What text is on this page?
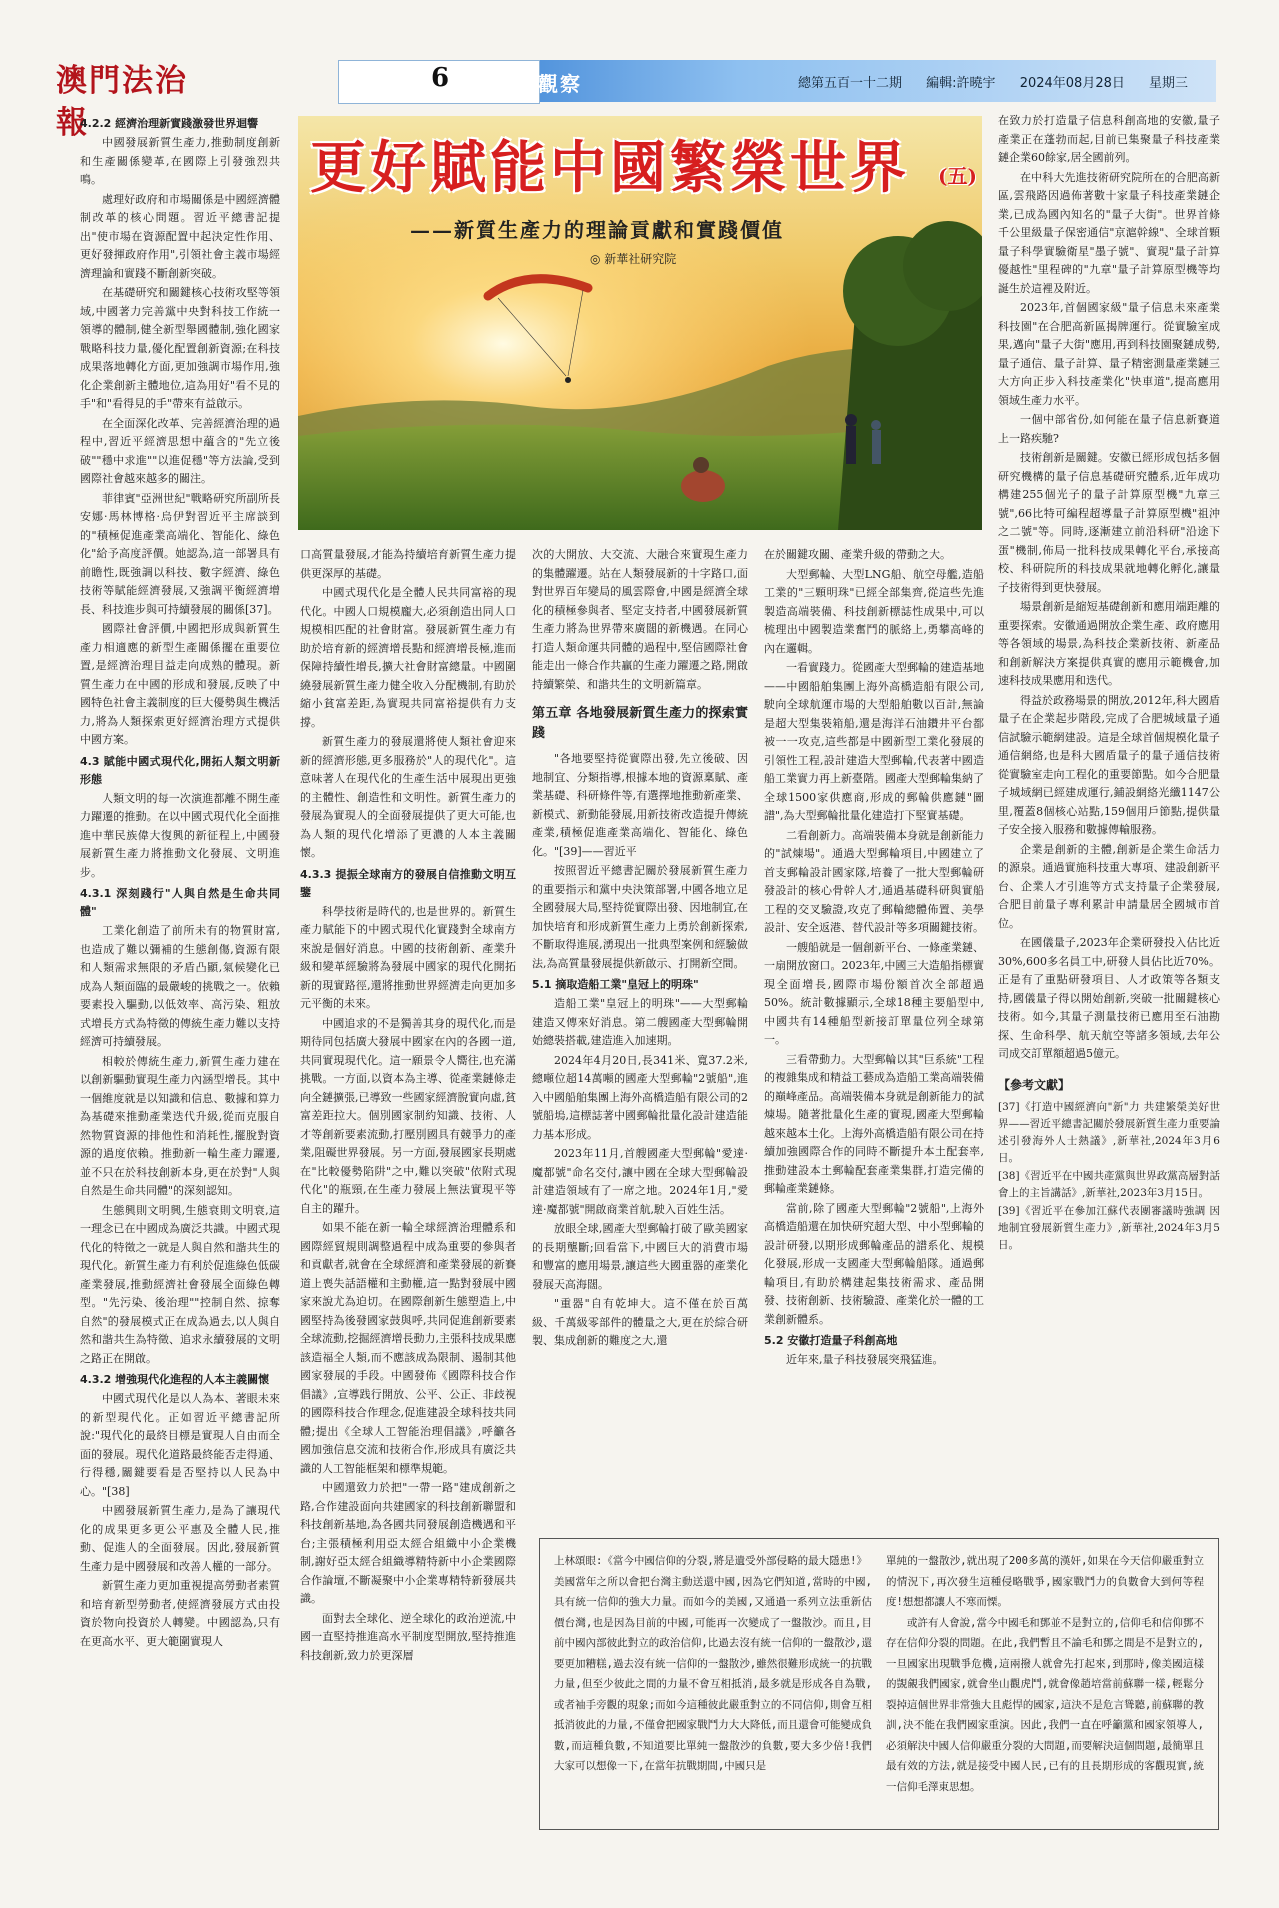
澳門法治報
6 理論觀察	總第五百一十二期 編輯:許曉宇 2024年08月28日 星期三
更好賦能中國繁榮世界 (五)
——新質生產力的理論貢獻和實踐價值
◎ 新華社研究院
4.2.2 經濟治理新實踐激發世界迴響

中國發展新質生產力,推動制度創新和生產關係變革,在國際上引發強烈共鳴。

處理好政府和市場關係是中國經濟體制改革的核心問題。習近平總書記提出"使市場在資源配置中起決定性作用、更好發揮政府作用",引領社會主義市場經濟理論和實踐不斷創新突破。

在基礎研究和關鍵核心技術攻堅等領域,中國著力完善黨中央對科技工作統一領導的體制,健全新型舉國體制,強化國家戰略科技力量,優化配置創新資源;在科技成果落地轉化方面,更加強調市場作用,強化企業創新主體地位,這為用好"看不見的手"和"看得見的手"帶來有益啟示。

在全面深化改革、完善經濟治理的過程中,習近平經濟思想中蘊含的"先立後破""穩中求進""以進促穩"等方法論,受到國際社會越來越多的關注。

菲律賓"亞洲世紀"戰略研究所副所長安娜·馬林博格·烏伊對習近平主席談到的"積極促進產業高端化、智能化、綠色化"給予高度評價。她認為,這一部署具有前瞻性,既強調以科技、數字經濟、綠色技術等賦能經濟發展,又強調平衡經濟增長、科技進步與可持續發展的關係[37]。

國際社會評價,中國把形成與新質生產力相適應的新型生產關係擺在重要位置,是經濟治理目益走向成熟的體現。新質生產力在中國的形成和發展,反映了中國特色社會主義制度的巨大優勢與生機活力,將為人類探索更好經濟治理方式提供中國方案。

4.3 賦能中國式現代化,開拓人類文明新形態

人類文明的每一次演進都離不開生產力躍遷的推動。在以中國式現代化全面推進中華民族偉大復興的新征程上,中國發展新質生產力將推動文化發展、文明進步。

4.3.1 深刻踐行"人與自然是生命共同體"

工業化創造了前所未有的物質財富,也造成了難以彌補的生態創傷,資源有限和人類需求無限的矛盾凸顯,氣候變化已成為人類面臨的最嚴峻的挑戰之一。依賴要素投入驅動,以低效率、高污染、粗放式增長方式為特徵的傳統生產力難以支持經濟可持續發展。

相較於傳統生產力,新質生產力建在以創新驅動實現生產力內涵型增長。其中一個維度就是以知識和信息、數據和算力為基礎來推動產業迭代升級,從而克服自然物質資源的排他性和消耗性,擺脫對資源的過度依賴。推動新一輪生產力躍遷,並不只在於科技創新本身,更在於對"人與自然是生命共同體"的深刻認知。

生態興則文明興,生態衰則文明衰,這一理念已在中國成為廣泛共識。中國式現代化的特徵之一就是人與自然和諧共生的現代化。新質生產力有利於促進綠色低碳產業發展,推動經濟社會發展全面綠色轉型。"先污染、後治理""控制自然、掠奪自然"的發展模式正在成為過去,以人與自然和諧共生為特徵、追求永續發展的文明之路正在開啟。

4.3.2 增強現代化進程的人本主義關懷

中國式現代化是以人為本、著眼未來的新型現代化。正如習近平總書記所說:"現代化的最終目標是實現人自由而全面的發展。現代化道路最終能否走得通、行得穩,關鍵要看是否堅持以人民為中心。"[38]

中國發展新質生產力,是為了讓現代化的成果更多更公平惠及全體人民,推動、促進人的全面發展。因此,發展新質生產力是中國發展和改善人權的一部分。

新質生產力更加重視提高勞動者素質和培育新型勞動者,使經濟發展方式由投資於物向投資於人轉變。中國認為,只有在更高水平、更大範圍實現人

口高質量發展,才能為持續培育新質生產力提供更深厚的基礎。

中國式現代化是全體人民共同富裕的現代化。中國人口規模龐大,必須創造出同人口規模相匹配的社會財富。發展新質生產力有助於培育新的經濟增長點和經濟增長極,進而保障持續性增長,擴大社會財富總量。中國圍繞發展新質生產力健全收入分配機制,有助於縮小貧富差距,為實現共同富裕提供有力支撐。

新質生產力的發展還將使人類社會迎來新的經濟形態,更多服務於"人的現代化"。這意味著人在現代化的生產生活中展現出更強的主體性、創造性和文明性。新質生產力的發展為實現人的全面發展提供了更大可能,也為人類的現代化增添了更濃的人本主義關懷。

4.3.3 提振全球南方的發展自信推動文明互鑒

科學技術是時代的,也是世界的。新質生產力賦能下的中國式現代化實踐對全球南方來說是個好消息。中國的技術創新、產業升級和變革經驗將為發展中國家的現代化開拓新的現實路徑,還將推動世界經濟走向更加多元平衡的未來。

中國追求的不是獨善其身的現代化,而是期待同包括廣大發展中國家在內的各國一道,共同實現現代化。這一願景令人嚮往,也充滿挑戰。一方面,以資本為主導、從產業鏈條走向全鏈擴張,已導致一些國家經濟脫實向虛,貧富差距拉大。個別國家制約知識、技術、人才等創新要素流動,打壓別國具有競爭力的產業,阻礙世界發展。另一方面,發展國家長期處在"比較優勢陷阱"之中,難以突破"依附式現代化"的瓶頸,在生產力發展上無法實現平等自主的躍升。

如果不能在新一輪全球經濟治理體系和國際經貿規則調整過程中成為重要的參與者和貢獻者,就會在全球經濟和產業發展的新賽道上喪失話語權和主動權,這一點對發展中國家來說尤為迫切。在國際創新生態塑造上,中國堅持為後發國家鼓與呼,共同促進創新要素全球流動,挖掘經濟增長動力,主張科技成果應該造福全人類,而不應該成為限制、遏制其他國家發展的手段。中國發佈《國際科技合作倡議》,宣導践行開放、公平、公正、非歧視的國際科技合作理念,促進建設全球科技共同體;提出《全球人工智能治理倡議》,呼籲各國加強信息交流和技術合作,形成具有廣泛共識的人工智能框架和標準規範。

中國還致力於把"一帶一路"建成創新之路,合作建設面向共建國家的科技創新聯盟和科技創新基地,為各國共同發展創造機遇和平台;主張積極利用亞太經合組織中小企業機制,謝好亞太經合組織導精特新中小企業國際合作論壇,不斷凝聚中小企業專精特新發展共識。

面對去全球化、逆全球化的政治逆流,中國一直堅持推進高水平制度型開放,堅持推進科技創新,致力於更深層

次的大開放、大交流、大融合來實現生產力的集體躍遷。站在人類發展新的十字路口,面對世界百年變局的風雲際會,中國是經濟全球化的積極參與者、堅定支持者,中國發展新質生產力將為世界帶來廣闊的新機遇。在同心打造人類命運共同體的過程中,堅信國際社會能走出一條合作共贏的生產力躍遷之路,開啟持續繁榮、和諧共生的文明新篇章。

第五章 各地發展新質生產力的探索實踐

"各地要堅持從實際出發,先立後破、因地制宜、分類指導,根據本地的資源稟賦、產業基礎、科研條件等,有選擇地推動新產業、新模式、新動能發展,用新技術改造提升傳統產業,積極促進產業高端化、智能化、綠色化。"[39]——習近平

按照習近平總書記關於發展新質生產力的重要指示和黨中央決策部署,中國各地立足全國發展大局,堅持從實際出發、因地制宜,在加快培育和形成新質生產力上勇於創新探索,不斷取得進展,湧現出一批典型案例和經驗做法,為高質量發展提供新啟示、打開新空間。

5.1 摘取造船工業"皇冠上的明珠"

造船工業"皇冠上的明珠"——大型郵輪建造又傳來好消息。第二艘國產大型郵輪開始總裝搭載,建造進入加速期。

2024年4月20日,長341米、寬37.2米,總噸位超14萬噸的國產大型郵輪"2號船",進入中國船舶集團上海外高橋造船有限公司的2號船塢,這標誌著中國郵輪批量化設計建造能力基本形成。

2023年11月,首艘國產大型郵輪"愛達·魔都號"命名交付,讓中國在全球大型郵輪設計建造領域有了一席之地。2024年1月,"愛達·魔都號"開啟商業首航,駛入百姓生活。

放眼全球,國產大型郵輪打破了歐美國家的長期壟斷;回看當下,中國巨大的消費市場和豐富的應用場景,讓這些大國重器的產業化發展天高海闊。

"重器"自有乾坤大。這不僅在於百萬級、千萬級零部件的體量之大,更在於綜合研製、集成創新的難度之大,還

在於關鍵攻關、產業升級的帶動之大。

大型郵輪、大型LNG船、航空母艦,造船工業的"三顆明珠"已經全部集齊,從這些先進製造高端裝備、科技創新標誌性成果中,可以梳理出中國製造業奮鬥的脈絡上,勇攀高峰的內在邏輯。

一看實踐力。從國產大型郵輪的建造基地——中國船舶集團上海外高橋造船有限公司,駛向全球航運市場的大型船舶數以百計,無論是超大型集裝箱船,還是海洋石油鑽井平台都被一一攻克,這些都是中國新型工業化發展的引領性工程,設計建造大型郵輪,代表著中國造船工業實力再上新臺階。國產大型郵輪集納了全球1500家供應商,形成的郵輪供應鏈"圖譜",為大型郵輪批量化建造打下堅實基礎。

二看創新力。高端裝備本身就是創新能力的"試煉場"。通過大型郵輪項目,中國建立了首支郵輪設計國家隊,培養了一批大型郵輪研發設計的核心骨幹人才,通過基礎科研與實船工程的交叉驗證,攻克了郵輪總體佈置、美學設計、安全返港、替代設計等多項關鍵技術。

一艘船就是一個創新平台、一條產業鏈、一扇開放窗口。2023年,中國三大造船指標實現全面增長,國際市場份額首次全部超過50%。統計數據顯示,全球18種主要船型中,中國共有14種船型新接訂單量位列全球第一。

三看帶動力。大型郵輪以其"巨系統"工程的複雜集成和精益工藝成為造船工業高端裝備的巔峰產品。高端裝備本身就是創新能力的試煉場。隨著批量化生產的實現,國產大型郵輪越來越本土化。上海外高橋造船有限公司在持續加強國際合作的同時不斷提升本土配套率,推動建設本土郵輪配套產業集群,打造完備的郵輪產業鏈條。

當前,除了國產大型郵輪"2號船",上海外高橋造船還在加快研究超大型、中小型郵輪的設計研發,以期形成郵輪產品的譜系化、規模化發展,形成一支國產大型郵輪船隊。通過郵輪項目,有助於構建起集技術需求、產品開發、技術創新、技術驗證、產業化於一體的工業創新體系。

5.2 安徽打造量子科創高地

近年來,量子科技發展突飛猛進。

在致力於打造量子信息科創高地的安徽,量子產業正在蓬勃而起,目前已集聚量子科技產業鏈企業60餘家,居全國前列。

在中科大先進技術研究院所在的合肥高新區,雲飛路因過佈著數十家量子科技產業鏈企業,已成為國內知名的"量子大街"。世界首條千公里級量子保密通信"京滬幹線"、全球首顆量子科學實驗衛星"墨子號"、實現"量子計算優越性"里程碑的"九章"量子計算原型機等均誕生於這裡及附近。

2023年,首個國家級"量子信息未來產業科技園"在合肥高新區揭牌運行。從實驗室成果,邁向"量子大街"應用,再到科技園聚鏈成勢,量子通信、量子計算、量子精密測量產業鏈三大方向正步入科技產業化"快車道",提高應用領域生產力水平。

一個中部省份,如何能在量子信息新賽道上一路疾馳?

技術創新是關鍵。安徽已經形成包括多個研究機構的量子信息基礎研究體系,近年成功構建255個光子的量子計算原型機"九章三號",66比特可編程超導量子計算原型機"祖沖之二號"等。同時,逐漸建立前沿科研"沿途下蛋"機制,佈局一批科技成果轉化平台,承接高校、科研院所的科技成果就地轉化孵化,讓量子技術得到更快發展。

場景創新是縮短基礎創新和應用端距離的重要探索。安徽通過開放企業生產、政府應用等各領域的場景,為科技企業新技術、新產品和創新解決方案提供真實的應用示範機會,加速科技成果應用和迭代。

得益於政務場景的開放,2012年,科大國盾量子在企業起步階段,完成了合肥城域量子通信試驗示範網建設。這是全球首個規模化量子通信網絡,也是科大國盾量子的量子通信技術從實驗室走向工程化的重要節點。如今合肥量子城域網已經建成運行,鋪設網絡光纖1147公里,覆蓋8個核心站點,159個用戶節點,提供量子安全接入服務和數據傳輸服務。

企業是創新的主體,創新是企業生命活力的源泉。通過實施科技重大專項、建設創新平台、企業人才引進等方式支持量子企業發展,合肥目前量子專利累計申請量居全國城市首位。

在國儀量子,2023年企業研發投入佔比近30%,600多名員工中,研發人員佔比近70%。正是有了重點研發項目、人才政策等各類支持,國儀量子得以開始創新,突破一批關鍵核心技術。如今,其量子測量技術已應用至石油勘探、生命科學、航天航空等諸多領域,去年公司成交訂單額超過5億元。

【參考文獻】

[37]《打造中國經濟向"新"力 共建繁榮美好世界——習近平總書記關於發展新質生產力重要論述引發海外人士熱議》,新華社,2024年3月6日。

[38]《習近平在中國共產黨與世界政黨高層對話會上的主旨講話》,新華社,2023年3月15日。

[39]《習近平在參加江蘇代表團審議時強調 因地制宜發展新質生產力》,新華社,2024年3月5日。

上林頌眼:《當今中國信仰的分裂,將是遺受外部侵略的最大隱患!》

美國當年之所以會把台灣主動送還中國,因為它們知道,當時的中國,具有統一信仰的強大力量。而如今的美國,又通過一系列立法重新估價台灣,也是因為目前的中國,可能再一次變成了一盤散沙。而且,目前中國內部彼此對立的政治信仰,比過去沒有統一信仰的一盤散沙,還要更加糟糕,過去沒有統一信仰的一盤散沙,雖然很難形成統一的抗戰力量,但至少彼此之間的力量不會互相抵消,最多就是形成各自為戰,或者袖手旁觀的現象;而如今這種彼此嚴重對立的不同信仰,則會互相抵消彼此的力量,不僅會把國家戰鬥力大大降低,而且還會可能變成負數,而這種負數,不知道要比單純一盤散沙的負數,要大多少倍!我們大家可以想像一下,在當年抗戰期間,中國只是

單純的一盤散沙,就出現了200多萬的漢奸,如果在今天信仰嚴重對立的情況下,再次發生這種侵略戰爭,國家戰鬥力的負數會大到何等程度!想想都讓人不寒而慄。

或許有人會說,當今中國毛和鄧並不是對立的,信仰毛和信仰鄧不存在信仰分裂的問題。在此,我們暫且不論毛和鄧之間是不是對立的,一旦國家出現戰爭危機,這兩撥人就會先打起來,到那時,像美國這樣的覬覦我們國家,就會坐山觀虎鬥,就會像趙培當前蘇聯一樣,輕鬆分裂掉這個世界非常強大且彪悍的國家,這決不是危言聳聽,前蘇聯的教訓,決不能在我們國家重演。因此,我們一直在呼籲黨和國家領導人,必須解決中國人信仰嚴重分裂的大問題,而要解決這個問題,最簡單且最有效的方法,就是接受中國人民,已有的且長期形成的客觀現實,統一信仰毛澤東思想。
